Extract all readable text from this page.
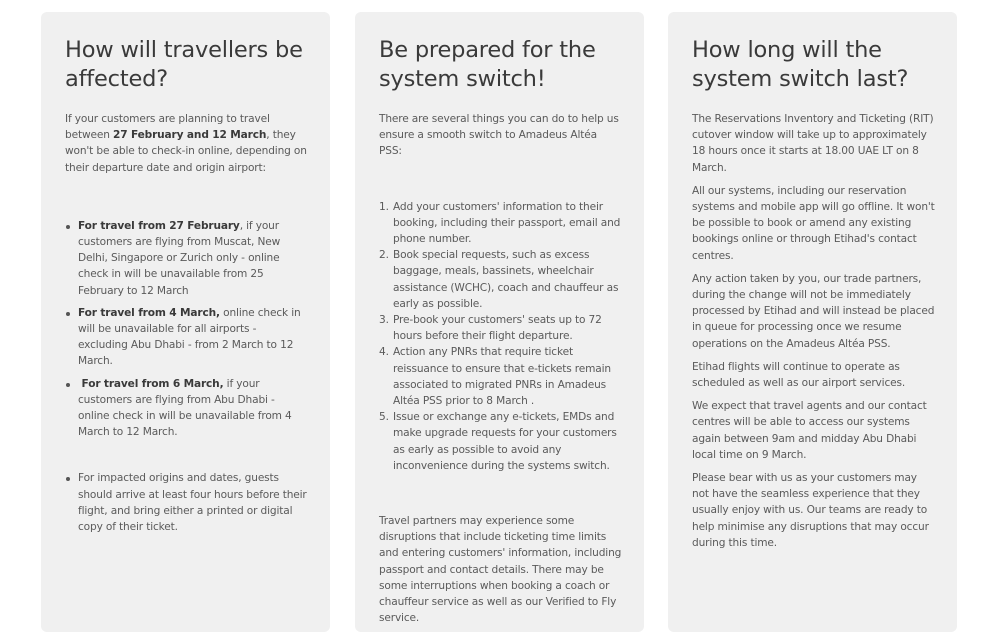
How will travellers be affected?

If your customers are planning to travel between 27 February and 12 March, they won't be able to check-in online, depending on their departure date and origin airport:

For travel from 27 February, if your customers are flying from Muscat, New Delhi, Singapore or Zurich only - online check in will be unavailable from 25 February to 12 March
For travel from 4 March, online check in will be unavailable for all airports - excluding Abu Dhabi - from 2 March to 12 March.
For travel from 6 March, if your customers are flying from Abu Dhabi - online check in will be unavailable from 4 March to 12 March.
For impacted origins and dates, guests should arrive at least four hours before their flight, and bring either a printed or digital copy of their ticket.
Be prepared for the system switch!

There are several things you can do to help us ensure a smooth switch to Amadeus Altéa PSS:

1. Add your customers' information to their booking, including their passport, email and phone number.
2. Book special requests, such as excess baggage, meals, bassinets, wheelchair assistance (WCHC), coach and chauffeur as early as possible.
3. Pre-book your customers' seats up to 72 hours before their flight departure.
4. Action any PNRs that require ticket reissuance to ensure that e-tickets remain associated to migrated PNRs in Amadeus Altéa PSS prior to 8 March .
5. Issue or exchange any e-tickets, EMDs and make upgrade requests for your customers as early as possible to avoid any inconvenience during the systems switch.

Travel partners may experience some disruptions that include ticketing time limits and entering customers' information, including passport and contact details. There may be some interruptions when booking a coach or chauffeur service as well as our Verified to Fly service.

How long will the system switch last?

The Reservations Inventory and Ticketing (RIT) cutover window will take up to approximately 18 hours once it starts at 18.00 UAE LT on 8 March.

All our systems, including our reservation systems and mobile app will go offline. It won't be possible to book or amend any existing bookings online or through Etihad's contact centres.

Any action taken by you, our trade partners, during the change will not be immediately processed by Etihad and will instead be placed in queue for processing once we resume operations on the Amadeus Altéa PSS.

Etihad flights will continue to operate as scheduled as well as our airport services.

We expect that travel agents and our contact centres will be able to access our systems again between 9am and midday Abu Dhabi local time on 9 March.

Please bear with us as your customers may not have the seamless experience that they usually enjoy with us. Our teams are ready to help minimise any disruptions that may occur during this time.
